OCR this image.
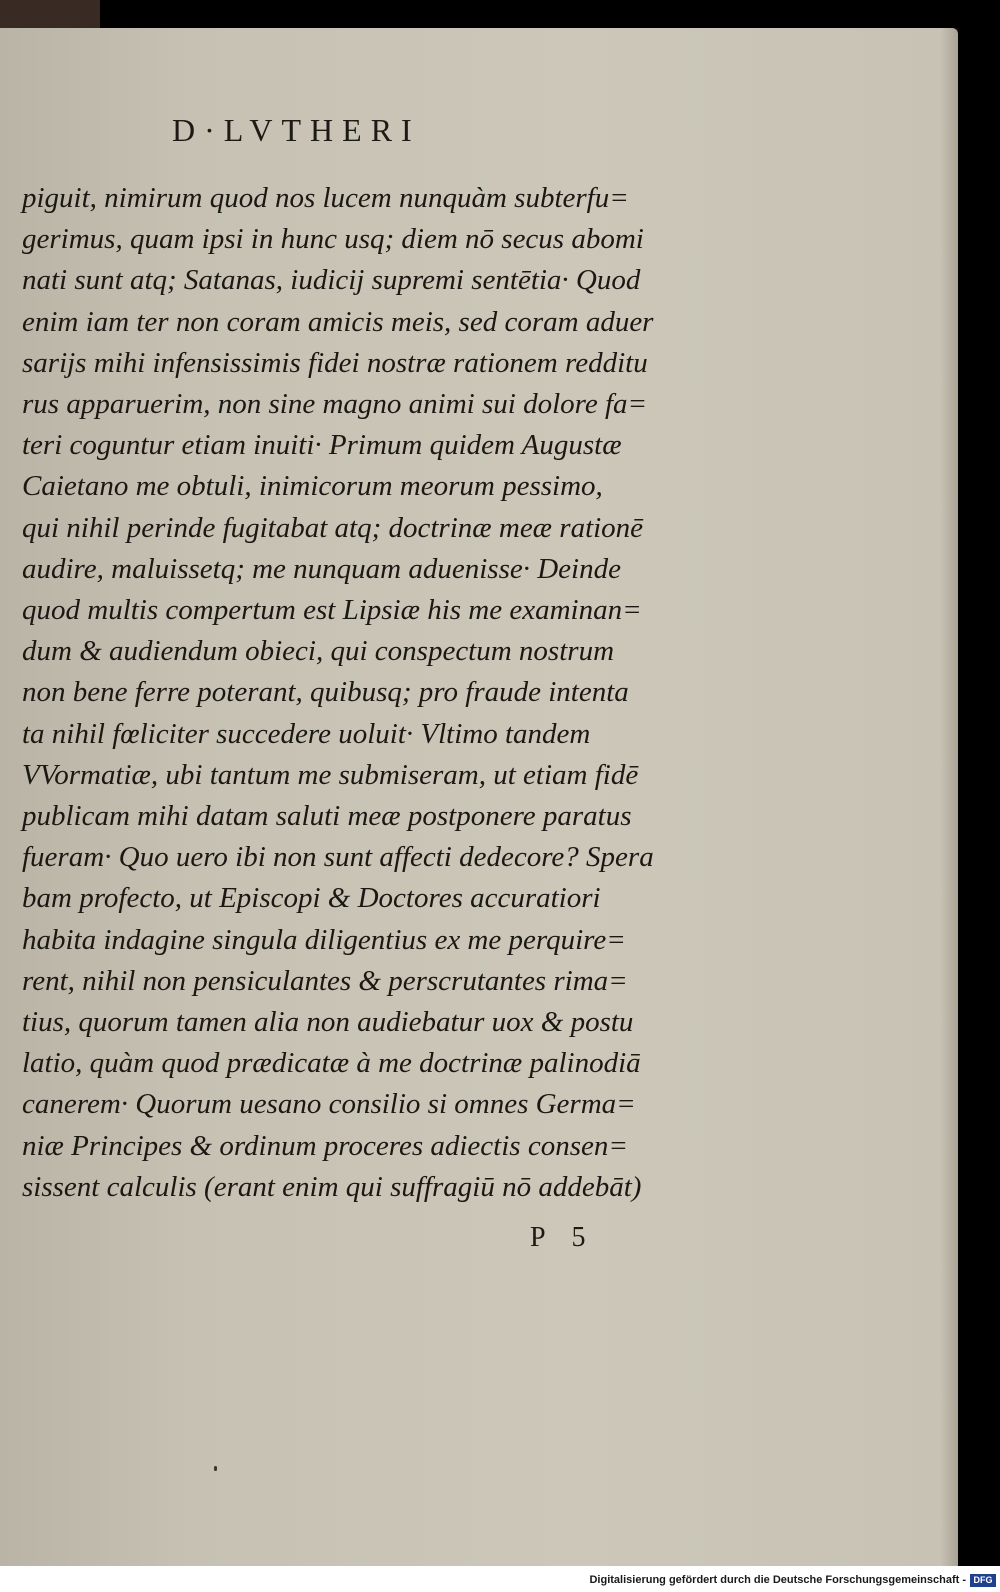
D·LVTHERI
piguit, nimirum quod nos lucem nunquàm subterfu=
gerimus, quam ipsi in hunc usq; diem nō secus abomi
nati sunt atq; Satanas, iudicij supremi sentētia· Quod
enim iam ter non coram amicis meis, sed coram aduer
sarijs mihi infensissimis fidei nostræ rationem redditu
rus apparuerim, non sine magno animi sui dolore fa=
teri coguntur etiam inuiti· Primum quidem Augustæ
Caietano me obtuli, inimicorum meorum pessimo,
qui nihil perinde fugitabat atq; doctrinæ meæ rationē
audire, maluissetq; me nunquam aduenisse· Deinde
quod multis compertum est Lipsiæ his me examinan=
dum & audiendum obieci, qui conspectum nostrum
non bene ferre poterant, quibusq; pro fraude intenta
ta nihil fœliciter succedere uoluit· Vltimo tandem
VVormatiæ, ubi tantum me submiseram, ut etiam fidē
publicam mihi datam saluti meæ postponere paratus
fueram· Quo uero ibi non sunt affecti dedecore? Spera
bam profecto, ut Episcopi & Doctores accuratiori
habita indagine singula diligentius ex me perquire=
rent, nihil non pensiculantes & perscrutantes rima=
tius, quorum tamen alia non audiebatur uox & postu
latio, quàm quod prædicatæ à me doctrinæ palinodiā
canerem· Quorum uesano consilio si omnes Germa=
niæ Principes & ordinum proceres adiectis consen=
sissent calculis (erant enim qui suffragiū nō addebāt)
P 5
Digitalisierung gefördert durch die Deutsche Forschungsgemeinschaft - DFG
